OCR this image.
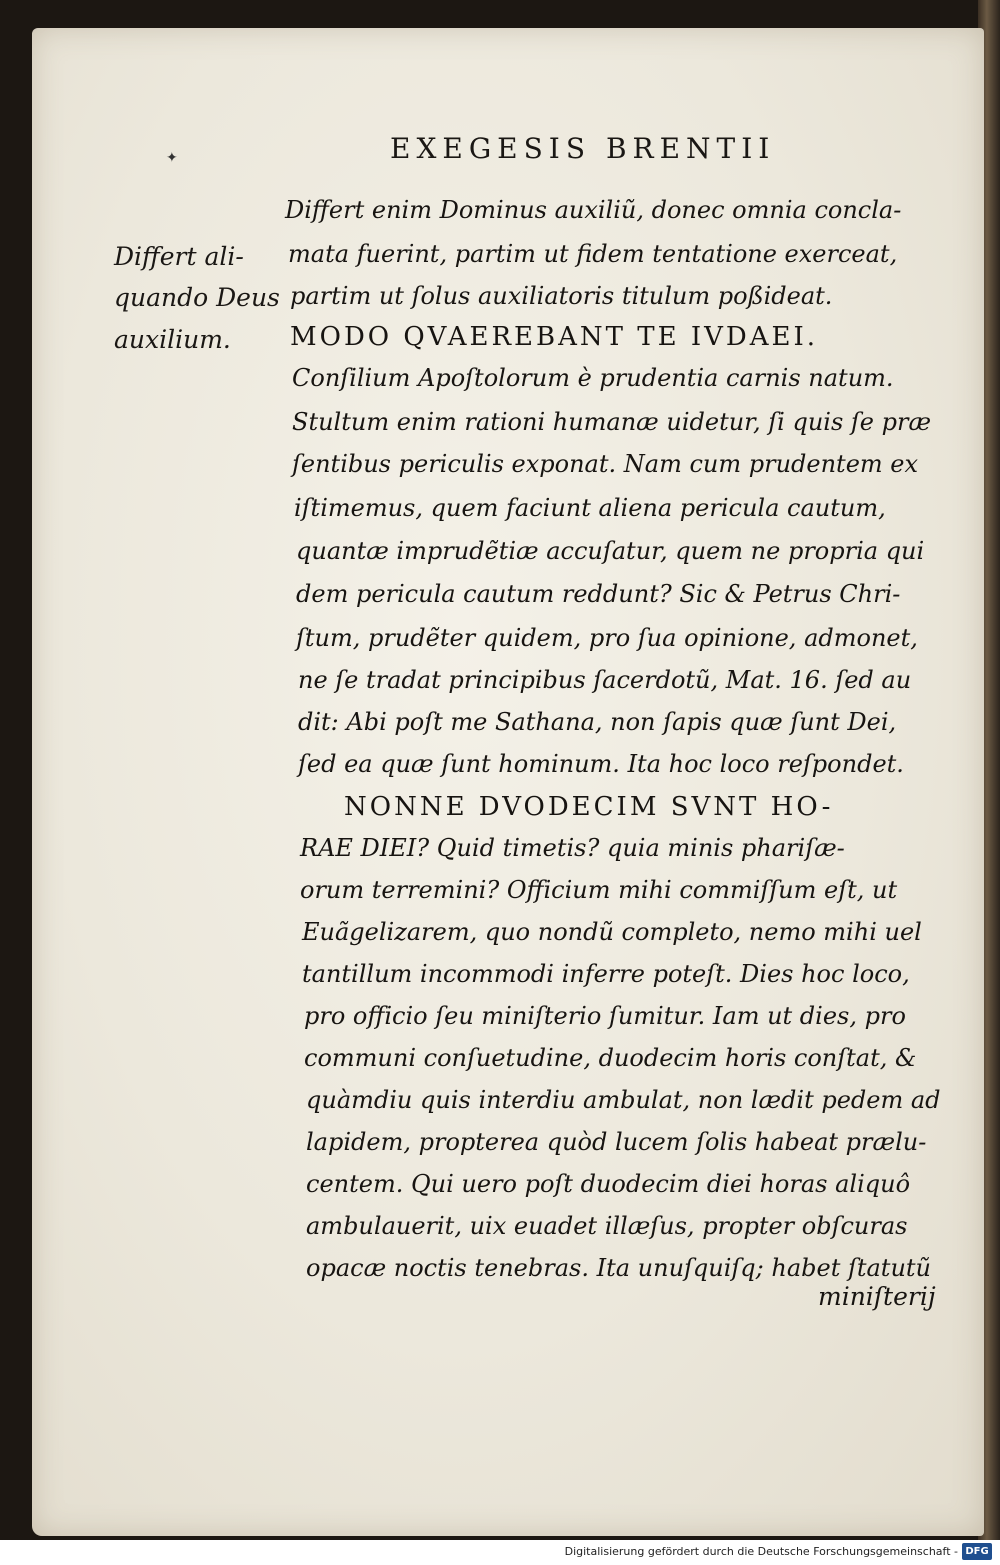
✦	EXEGESIS BRENTII
Differt ali-
quando Deus
auxilium.
Differt enim Dominus auxiliũ, donec omnia concla-
mata fuerint, partim ut fidem tentatione exerceat,
partim ut ſolus auxiliatoris titulum poßideat.
MODO QVAEREBANT TE IVDAEI.
Conſilium Apoſtolorum è prudentia carnis natum.
Stultum enim rationi humanæ uidetur, ſi quis ſe præ
ſentibus periculis exponat. Nam cum prudentem ex
iſtimemus, quem faciunt aliena pericula cautum,
quantæ imprudẽtiæ accuſatur, quem ne propria qui
dem pericula cautum reddunt? Sic & Petrus Chri-
ſtum, prudẽter quidem, pro ſua opinione, admonet,
ne ſe tradat principibus ſacerdotũ, Mat. 16. ſed au
dit: Abi poſt me Sathana, non ſapis quæ ſunt Dei,
ſed ea quæ ſunt hominum. Ita hoc loco reſpondet.
NONNE DVODECIM SVNT HO-
RAE DIEI? Quid timetis? quia minis phariſæ-
orum terremini? Officium mihi commiſſum eſt, ut
Euãgelizarem, quo nondũ completo, nemo mihi uel
tantillum incommodi inferre poteſt. Dies hoc loco,
pro officio ſeu miniſterio ſumitur. Iam ut dies, pro
communi conſuetudine, duodecim horis conſtat, &
quàmdiu quis interdiu ambulat, non lædit pedem ad
lapidem, propterea quòd lucem ſolis habeat prælu-
centem. Qui uero poſt duodecim diei horas aliquô
ambulauerit, uix euadet illæſus, propter obſcuras
opacæ noctis tenebras. Ita unuſquiſq; habet ſtatutũ
miniſterij
Digitalisierung gefördert durch die Deutsche Forschungsgemeinschaft - DFG
